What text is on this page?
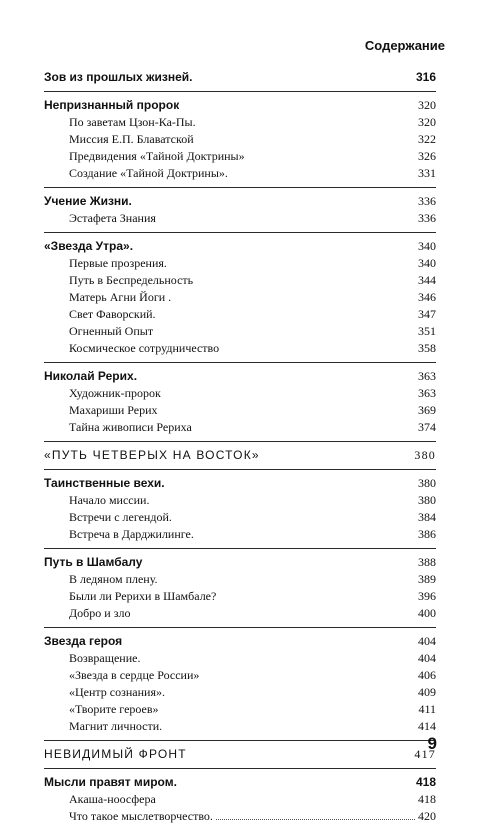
Содержание
Зов из прошлых жизней.	316
Непризнанный пророк	320
По заветам Цзон-Ка-Пы.	320
Миссия Е.П. Блаватской	322
Предвидения «Тайной Доктрины»	326
Создание «Тайной Доктрины».	331
Учение Жизни.	336
Эстафета Знания	336
«Звезда Утра».	340
Первые прозрения.	340
Путь в Беспредельность	344
Матерь Агни Йоги .	346
Свет Фаворский.	347
Огненный Опыт	351
Космическое сотрудничество	358
Николай Рерих.	363
Художник-пророк	363
Махариши Рерих	369
Тайна живописи Рериха	374
«ПУТЬ ЧЕТВЕРЫХ НА ВОСТОК»	380
Таинственные вехи.	380
Начало миссии.	380
Встречи с легендой.	384
Встреча в Дарджилинге.	386
Путь в Шамбалу	388
В ледяном плену.	389
Были ли Рерихи в Шамбале?	396
Добро и зло	400
Звезда героя	404
Возвращение.	404
«Звезда в сердце России»	406
«Центр сознания».	409
«Творите героев»	411
Магнит личности.	414
НЕВИДИМЫЙ ФРОНТ	417
Мысли правят миром.	418
Акаша-ноосфера	418
Что такое мыслетворчество.	420
9
